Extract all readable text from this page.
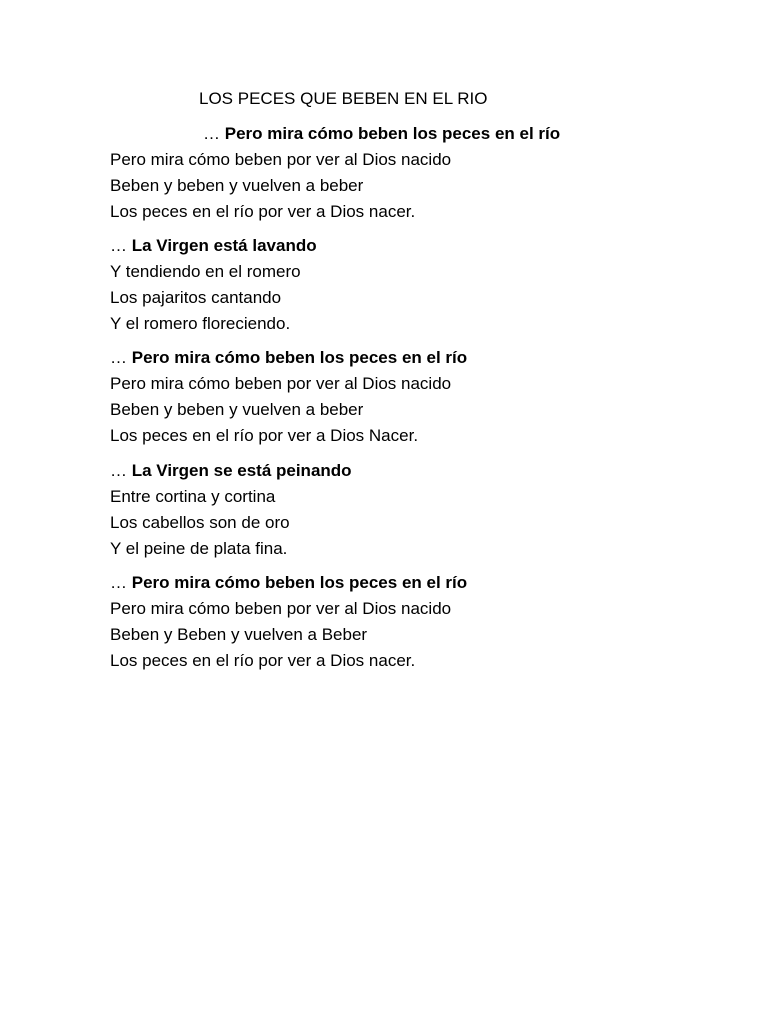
LOS PECES QUE BEBEN EN EL RIO
… Pero mira cómo beben los peces en el río
Pero mira cómo beben por ver al Dios nacido
Beben y beben y vuelven a beber
Los peces en el río por ver a Dios nacer.
… La Virgen está lavando
Y tendiendo en el romero
Los pajaritos cantando
Y el romero floreciendo.
… Pero mira cómo beben los peces en el río
Pero mira cómo beben por ver al Dios nacido
Beben y beben y vuelven a beber
Los peces en el río por ver a Dios Nacer.
… La Virgen se está peinando
Entre cortina y cortina
Los cabellos son de oro
Y el peine de plata fina.
… Pero mira cómo beben los peces en el río
Pero mira cómo beben por ver al Dios nacido
Beben y Beben y vuelven a Beber
Los peces en el río por ver a Dios nacer.
